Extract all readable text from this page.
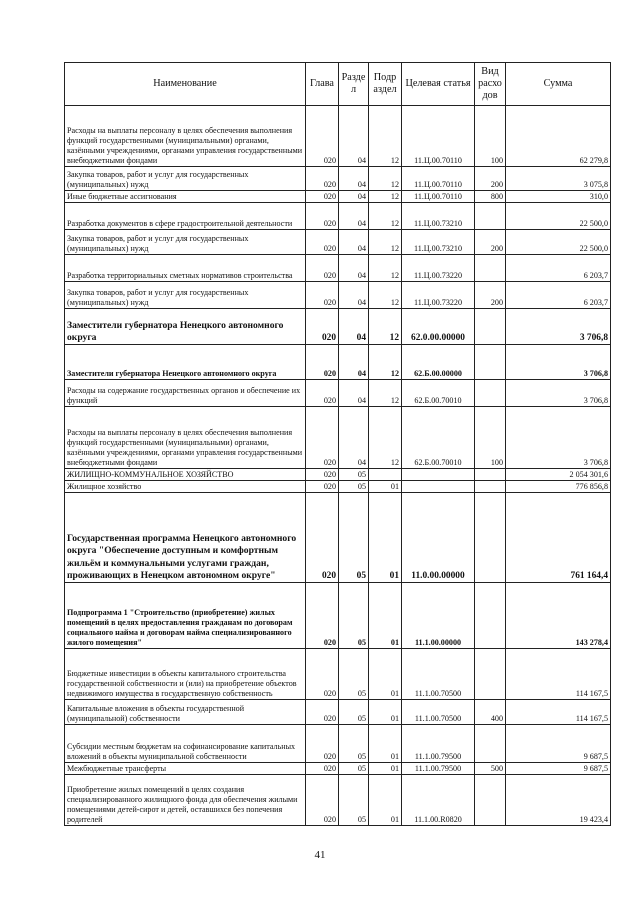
Наименование	Глава	Разде л	Подр аздел	Целевая статья	Вид расхо дов	Сумма
Расходы на выплаты персоналу в целях обеспечения выполнения функций государственными (муниципальными) органами, казёнными учреждениями, органами управления государственными внебюджетными фондами	020	04	12	11.Ц.00.70110	100	62 279,8
Закупка товаров, работ и услуг для государственных (муниципальных) нужд	020	04	12	11.Ц.00.70110	200	3 075,8
Иные бюджетные ассигнования	020	04	12	11.Ц.00.70110	800	310,0
Разработка документов в сфере градостроительной деятельности	020	04	12	11.Ц.00.73210		22 500,0
Закупка товаров, работ и услуг для государственных (муниципальных) нужд	020	04	12	11.Ц.00.73210	200	22 500,0
Разработка территориальных сметных нормативов строительства	020	04	12	11.Ц.00.73220		6 203,7
Закупка товаров, работ и услуг для государственных (муниципальных) нужд	020	04	12	11.Ц.00.73220	200	6 203,7
Заместители губернатора Ненецкого автономного округа	020	04	12	62.0.00.00000		3 706,8
Заместители губернатора Ненецкого автономного округа	020	04	12	62.Б.00.00000		3 706,8
Расходы на содержание государственных органов и обеспечение их функций	020	04	12	62.Б.00.70010		3 706,8
Расходы на выплаты персоналу в целях обеспечения выполнения функций государственными (муниципальными) органами, казёнными учреждениями, органами управления государственными внебюджетными фондами	020	04	12	62.Б.00.70010	100	3 706,8
ЖИЛИЩНО-КОММУНАЛЬНОЕ ХОЗЯЙСТВО	020	05				2 054 301,6
Жилищное хозяйство	020	05	01			776 856,8
Государственная программа Ненецкого автономного округа "Обеспечение доступным и комфортным жильём и коммунальными услугами граждан, проживающих в Ненецком автономном округе"	020	05	01	11.0.00.00000		761 164,4
Подпрограмма 1 "Строительство (приобретение) жилых помещений в целях предоставления гражданам по договорам социального найма и договорам найма специализированного жилого помещения"	020	05	01	11.1.00.00000		143 278,4
Бюджетные инвестиции в объекты капитального строительства государственной собственности и (или) на приобретение объектов недвижимого имущества в государственную собственность	020	05	01	11.1.00.70500		114 167,5
Капитальные вложения в объекты государственной (муниципальной) собственности	020	05	01	11.1.00.70500	400	114 167,5
Субсидии местным бюджетам на софинансирование капитальных вложений в объекты муниципальной собственности	020	05	01	11.1.00.79500		9 687,5
Межбюджетные трансферты	020	05	01	11.1.00.79500	500	9 687,5
Приобретение жилых помещений в целях создания специализированного жилищного фонда для обеспечения жилыми помещениями детей-сирот и детей, оставшихся без попечения родителей	020	05	01	11.1.00.R0820		19 423,4
41
